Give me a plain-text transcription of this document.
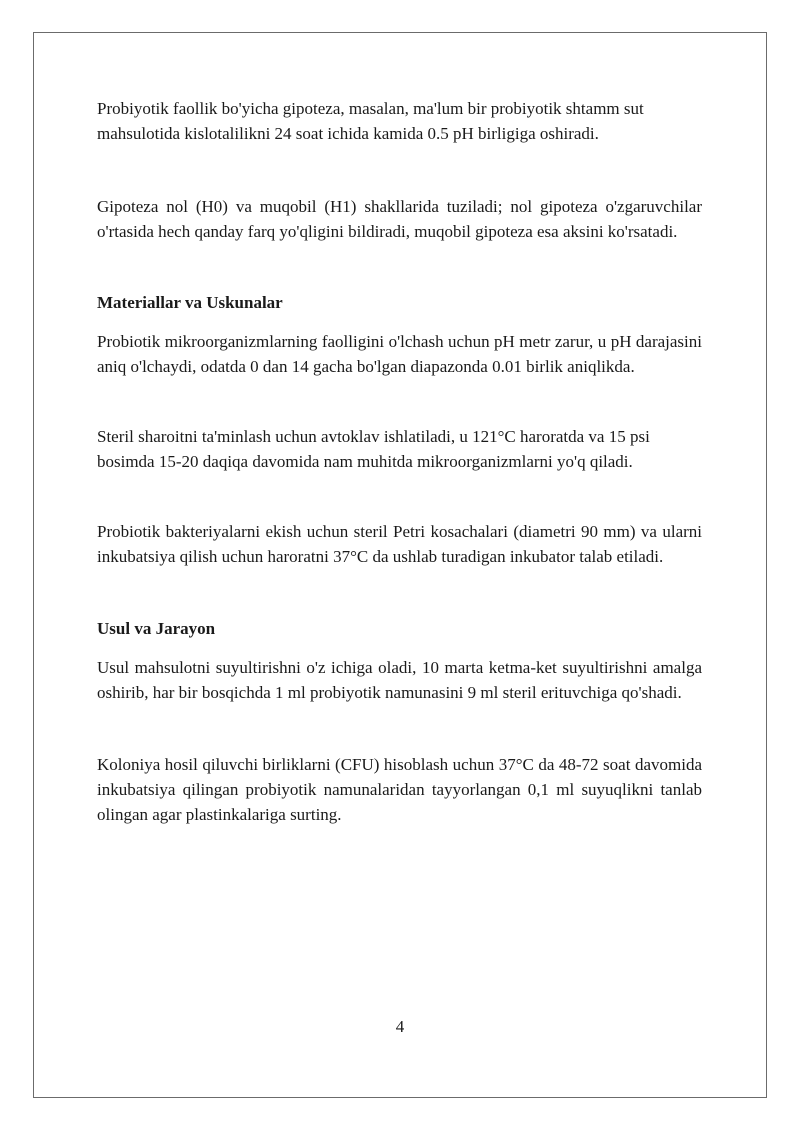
Probiyotik faollik bo'yicha gipoteza, masalan, ma'lum bir probiyotik shtamm sut mahsulotida kislotalilikni 24 soat ichida kamida 0.5 pH birligiga oshiradi.

Gipoteza nol (H0) va muqobil (H1) shakllarida tuziladi; nol gipoteza o'zgaruvchilar o'rtasida hech qanday farq yo'qligini bildiradi, muqobil gipoteza esa aksini ko'rsatadi.

Materiallar va Uskunalar

Probiotik mikroorganizmlarning faolligini o'lchash uchun pH metr zarur, u pH darajasini aniq o'lchaydi, odatda 0 dan 14 gacha bo'lgan diapazonda 0.01 birlik aniqlikda.

Steril sharoitni ta'minlash uchun avtoklav ishlatiladi, u 121°C haroratda va 15 psi bosimda 15-20 daqiqa davomida nam muhitda mikroorganizmlarni yo'q qiladi.

Probiotik bakteriyalarni ekish uchun steril Petri kosachalari (diametri 90 mm) va ularni inkubatsiya qilish uchun haroratni 37°C da ushlab turadigan inkubator talab etiladi.

Usul va Jarayon

Usul mahsulotni suyultirishni o'z ichiga oladi, 10 marta ketma-ket suyultirishni amalga oshirib, har bir bosqichda 1 ml probiyotik namunasini 9 ml steril erituvchiga qo'shadi.

Koloniya hosil qiluvchi birliklarni (CFU) hisoblash uchun 37°C da 48-72 soat davomida inkubatsiya qilingan probiyotik namunalaridan tayyorlangan 0,1 ml suyuqlikni tanlab olingan agar plastinkalariga surting.

4
